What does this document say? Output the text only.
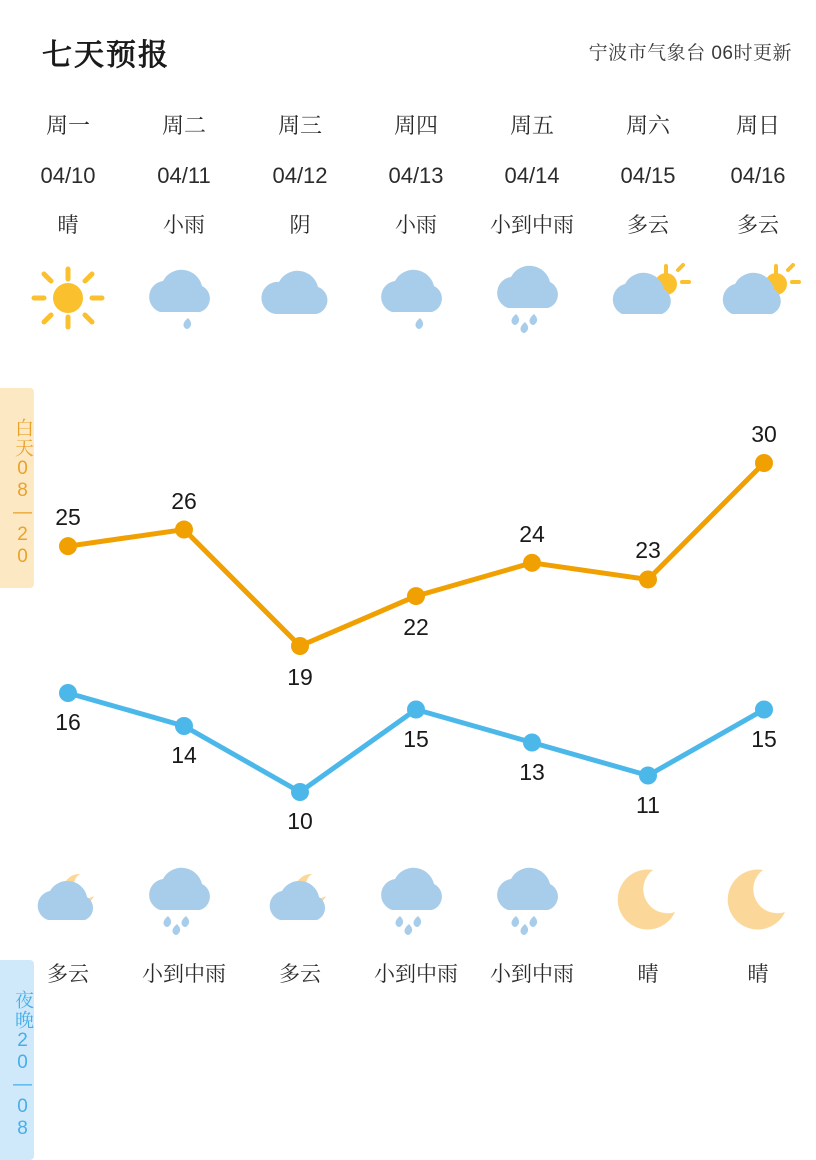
七天预报	宁波市气象台 06时更新
白天08—20
夜晚20—08
周一
04/10
晴
多云
周二
04/11
小雨
小到中雨
周三
04/12
阴
多云
周四
04/13
小雨
小到中雨
周五
04/14
小到中雨
小到中雨
周六
04/15
多云
晴
周日
04/16
多云
晴
25
26
19
22
24
23
30
16
14
10
15
13
11
15
